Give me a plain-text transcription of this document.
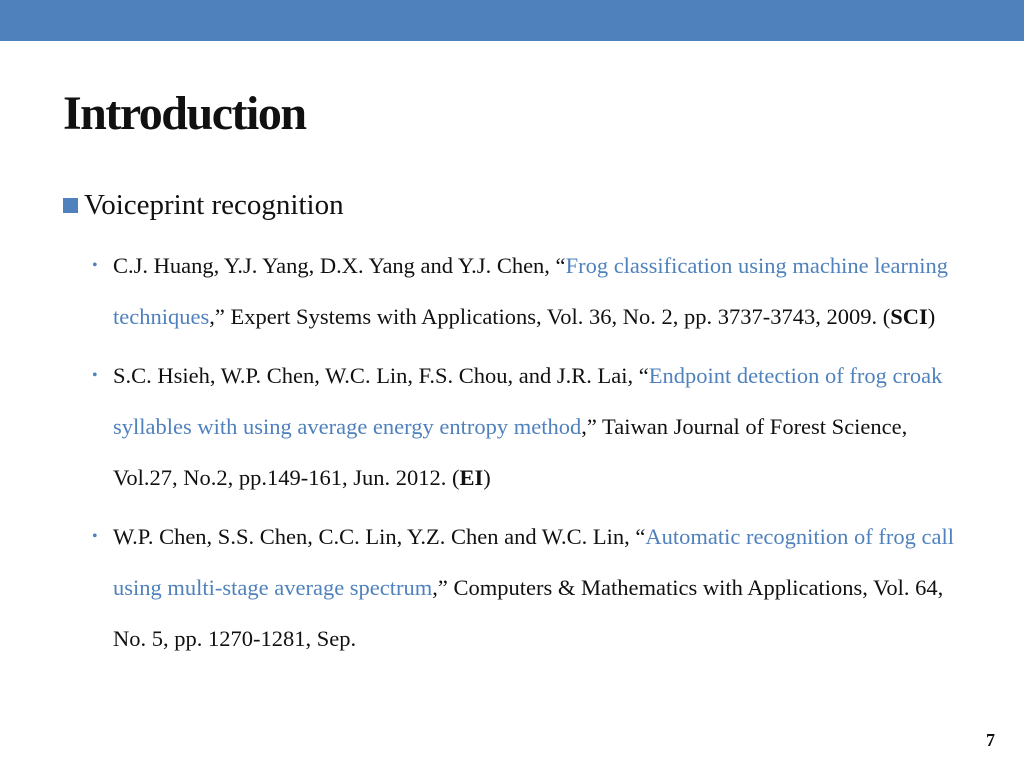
Introduction
Voiceprint recognition
• C.J. Huang, Y.J. Yang, D.X. Yang and Y.J. Chen, “Frog classification using machine learning techniques,” Expert Systems with Applications, Vol. 36, No. 2, pp. 3737-3743, 2009. (SCI)
• S.C. Hsieh, W.P. Chen, W.C. Lin, F.S. Chou, and J.R. Lai, “Endpoint detection of frog croak syllables with using average energy entropy method,” Taiwan Journal of Forest Science, Vol.27, No.2, pp.149-161, Jun. 2012. (EI)
• W.P. Chen, S.S. Chen, C.C. Lin, Y.Z. Chen and W.C. Lin, “Automatic recognition of frog call using multi-stage average spectrum,” Computers & Mathematics with Applications, Vol. 64, No. 5, pp. 1270-1281, Sep.
7
